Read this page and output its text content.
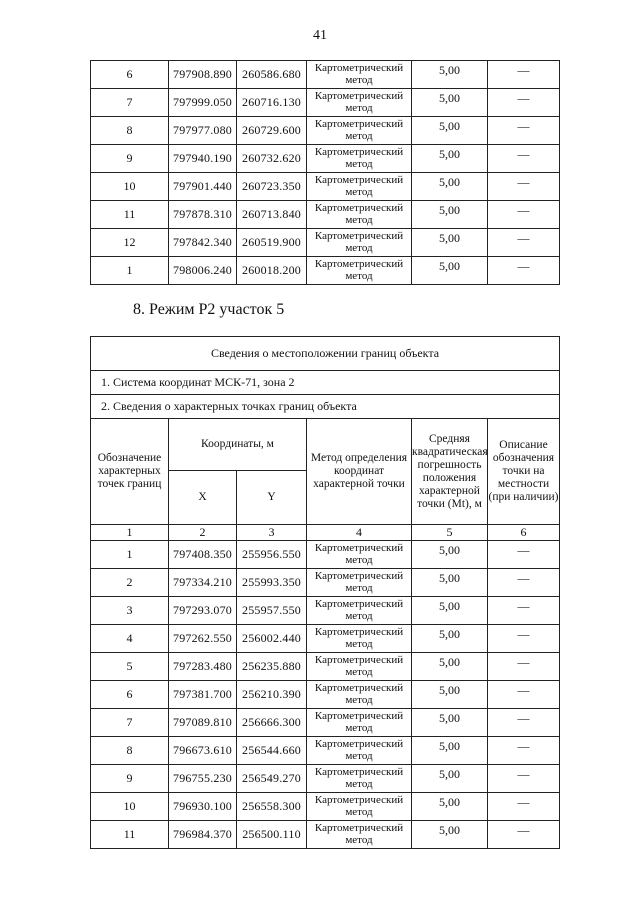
41
6	797908.890	260586.680	Картометрический метод	5,00	—
7	797999.050	260716.130	Картометрический метод	5,00	—
8	797977.080	260729.600	Картометрический метод	5,00	—
9	797940.190	260732.620	Картометрический метод	5,00	—
10	797901.440	260723.350	Картометрический метод	5,00	—
11	797878.310	260713.840	Картометрический метод	5,00	—
12	797842.340	260519.900	Картометрический метод	5,00	—
1	798006.240	260018.200	Картометрический метод	5,00	—
8. Режим Р2 участок 5
Сведения о местоположении границ объекта					
1. Система координат МСК-71, зона 2					
2. Сведения о характерных точках границ объекта					
Обозначение характерных точек границ	Координаты, м		Метод определения координат характерной точки	Средняя квадратическая погрешность положения характерной точки (Mt), м	Описание обозначения точки на местности (при наличии)
	X	Y			
1	2	3	4	5	6
1	797408.350	255956.550	Картометрический метод	5,00	—
2	797334.210	255993.350	Картометрический метод	5,00	—
3	797293.070	255957.550	Картометрический метод	5,00	—
4	797262.550	256002.440	Картометрический метод	5,00	—
5	797283.480	256235.880	Картометрический метод	5,00	—
6	797381.700	256210.390	Картометрический метод	5,00	—
7	797089.810	256666.300	Картометрический метод	5,00	—
8	796673.610	256544.660	Картометрический метод	5,00	—
9	796755.230	256549.270	Картометрический метод	5,00	—
10	796930.100	256558.300	Картометрический метод	5,00	—
11	796984.370	256500.110	Картометрический метод	5,00	—
